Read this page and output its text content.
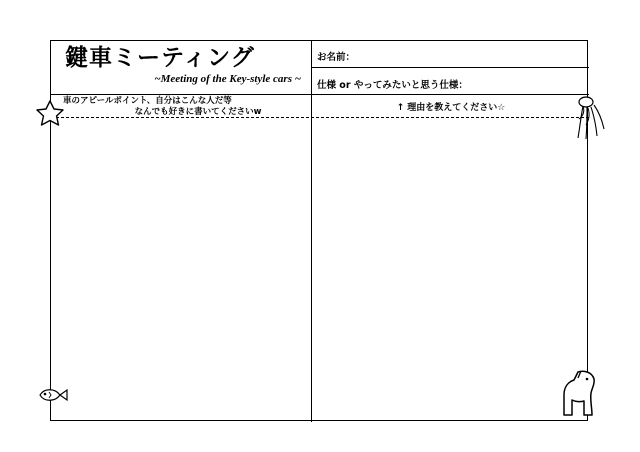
鍵車ミーティング
~Meeting of the Key-style cars ~
お名前：
仕様 or やってみたいと思う仕様：
車のアピールポイント、自分はこんな人だ等
なんでも好きに書いてくださいw	↑ 理由を教えてください☆
